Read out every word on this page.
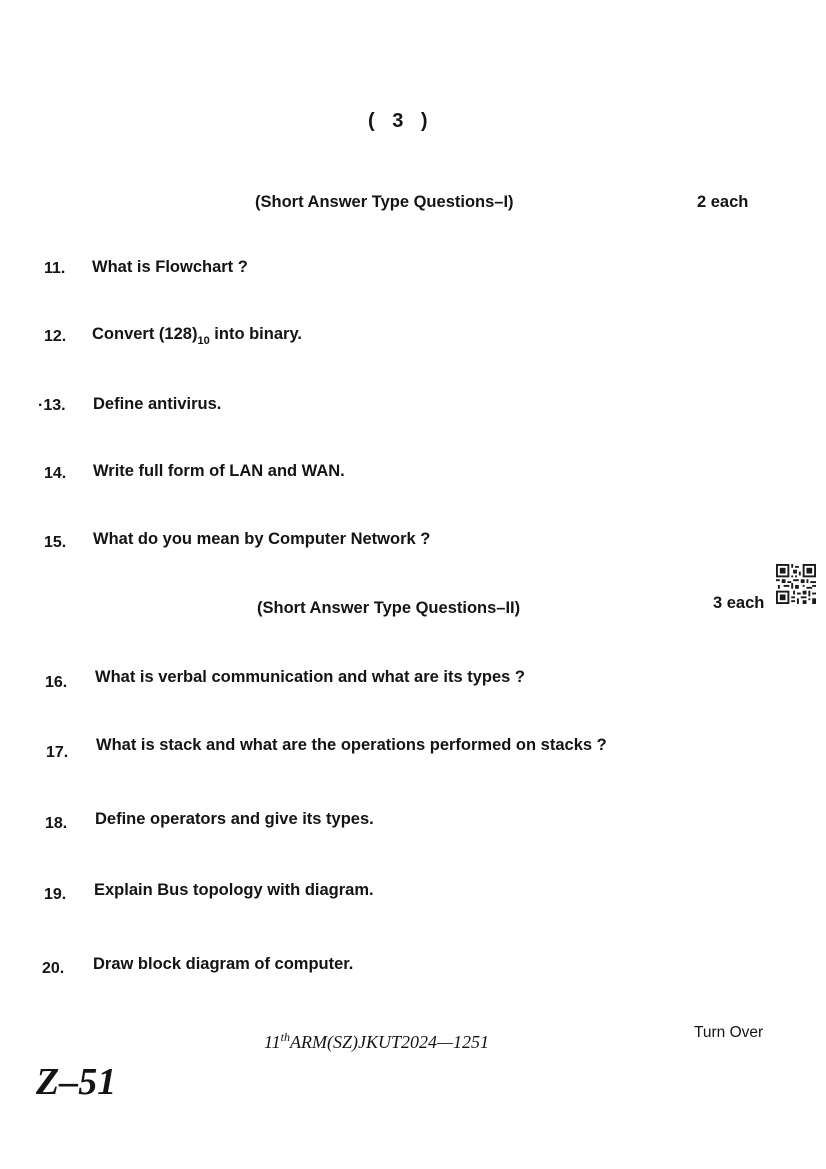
( 3 )
(Short Answer Type Questions–I)	2 each
11. What is Flowchart ?
12. Convert $(128)_{10}$ into binary.
·13. Define antivirus.
14. Write full form of LAN and WAN.
15. What do you mean by Computer Network ?
(Short Answer Type Questions–II)	3 each
16. What is verbal communication and what are its types ?
17. What is stack and what are the operations performed on stacks ?
18. Define operators and give its types.
19. Explain Bus topology with diagram.
20. Draw block diagram of computer.
11thARM(SZ)JKUT2024—1251	Turn Over
Z–51
